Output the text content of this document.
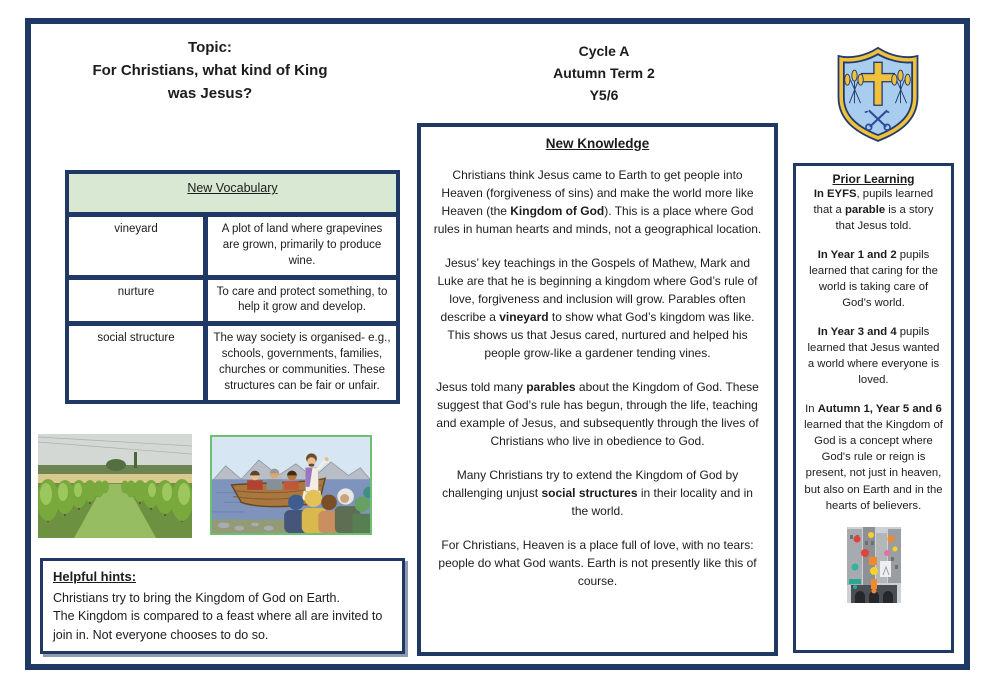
Topic:
For Christians, what kind of King
was Jesus?
Cycle A
Autumn Term 2
Y5/6
New Vocabulary
vineyard	A plot of land where grapevines are grown, primarily to produce wine.
nurture	To care and protect something, to help it grow and develop.
social structure	The way society is organised- e.g., schools, governments, families, churches or communities. These structures can be fair or unfair.
Helpful hints:

Christians try to bring the Kingdom of God on Earth.

The Kingdom is compared to a feast where all are invited to join in. Not everyone chooses to do so.

New Knowledge

Christians think Jesus came to Earth to get people into Heaven (forgiveness of sins) and make the world more like Heaven (the Kingdom of God). This is a place where God rules in human hearts and minds, not a geographical location.

Jesus’ key teachings in the Gospels of Mathew, Mark and Luke are that he is beginning a kingdom where God’s rule of love, forgiveness and inclusion will grow. Parables often describe a vineyard to show what God’s kingdom was like. This shows us that Jesus cared, nurtured and helped his people grow-like a gardener tending vines.

Jesus told many parables about the Kingdom of God. These suggest that God’s rule has begun, through the life, teaching and example of Jesus, and subsequently through the lives of Christians who live in obedience to God.

Many Christians try to extend the Kingdom of God by challenging unjust social structures in their locality and in the world.

For Christians, Heaven is a place full of love, with no tears: people do what God wants. Earth is not presently like this of course.

Prior Learning

In EYFS, pupils learned that a parable is a story that Jesus told.

In Year 1 and 2 pupils learned that caring for the world is taking care of God’s world.

In Year 3 and 4 pupils learned that Jesus wanted a world where everyone is loved.

In Autumn 1, Year 5 and 6 learned that the Kingdom of God is a concept where God's rule or reign is present, not just in heaven, but also on Earth and in the hearts of believers.
